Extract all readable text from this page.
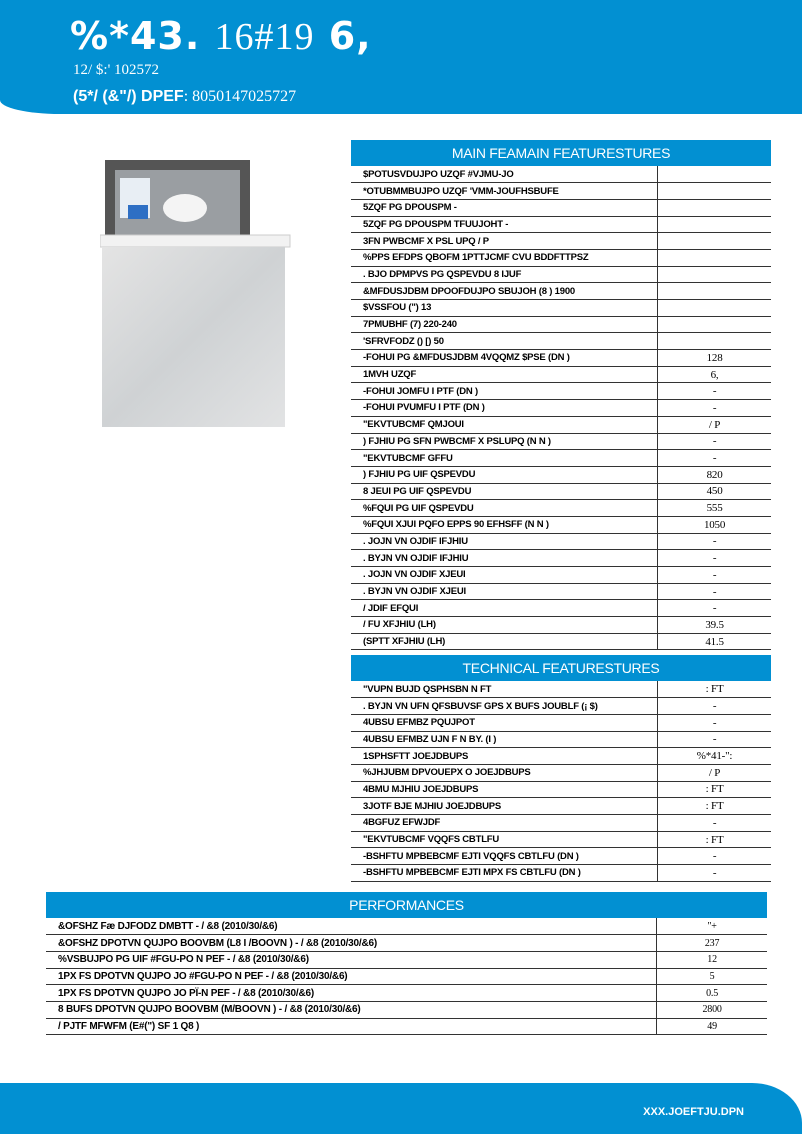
%*43. 16#19 6,
12/ $:' 102572
(5*/ (&"/) DPEF: 8050147025727
MAIN FEAMAIN FEATURESTURES	
$POTUSVDUJPO UZQF #VJMU-JO	
*OTUBMMBUJPO UZQF 'VMM-JOUFHSBUFE	
5ZQF PG DPOUSPM -	
5ZQF PG DPOUSPM TFUUJOHT -	
3FN PWBCMF X PSL UPQ / P	
%PPS EFDPS QBOFM 1PTTJCMF CVU BDDFTTPSZ	
. BJO DPMPVS PG QSPEVDU 8 IJUF	
&MFDUSJDBM DPOOFDUJPO SBUJOH (8 ) 1900	
$VSSFOU (") 13	
7PMUBHF (7) 220-240	
'SFRVFODZ () [) 50	
-FOHUI PG &MFDUSJDBM 4VQQMZ $PSE (DN )	128
1MVH UZQF	6,
-FOHUI JOMFU I PTF (DN )	-
-FOHUI PVUMFU I PTF (DN )	-
"EKVTUBCMF QMJOUI	/ P
) FJHIU PG SFN PWBCMF X PSLUPQ (N N )	-
"EKVTUBCMF GFFU	-
) FJHIU PG UIF QSPEVDU	820
8 JEUI PG UIF QSPEVDU	450
%FQUI PG UIF QSPEVDU	555
%FQUI XJUI PQFO EPPS 90 EFHSFF (N N )	1050
. JOJN VN OJDIF IFJHIU	-
. BYJN VN OJDIF IFJHIU	-
. JOJN VN OJDIF XJEUI	-
. BYJN VN OJDIF XJEUI	-
/ JDIF EFQUI	-
/ FU XFJHIU (LH)	39.5
(SPTT XFJHIU (LH)	41.5
TECHNICAL FEATURESTURES	
"VUPN BUJD QSPHSBN N FT	: FT
. BYJN VN UFN QFSBUVSF GPS X BUFS JOUBLF (¡ $)	-
4UBSU EFMBZ PQUJPOT	-
4UBSU EFMBZ UJN F N BY. (I )	-
1SPHSFTT JOEJDBUPS	%*41-":
%JHJUBM DPVOUEPX O JOEJDBUPS	/ P
4BMU MJHIU JOEJDBUPS	: FT
3JOTF BJE MJHIU JOEJDBUPS	: FT
4BGFUZ EFWJDF	-
"EKVTUBCMF VQQFS CBTLFU	: FT
-BSHFTU MPBEBCMF EJTI VQQFS CBTLFU (DN )	-
-BSHFTU MPBEBCMF EJTI MPX FS CBTLFU (DN )	-
PERFORMANCES	
&OFSHZ Fæ DJFODZ DMBTT - / &8 (2010/30/&6)	"+
&OFSHZ DPOTVN QUJPO BOOVBM (L8 I /BOOVN ) - / &8 (2010/30/&6)	237
%VSBUJPO PG UIF #FGU-PO N PEF - / &8 (2010/30/&6)	12
1PX FS DPOTVN QUJPO JO #FGU-PO N PEF - / &8 (2010/30/&6)	5
1PX FS DPOTVN QUJPO JO PÏ-N PEF - / &8 (2010/30/&6)	0.5
8 BUFS DPOTVN QUJPO BOOVBM (M/BOOVN ) - / &8 (2010/30/&6)	2800
/ PJTF MFWFM (E#(") SF 1 Q8 )	49
XXX.JOEFTJU.DPN
